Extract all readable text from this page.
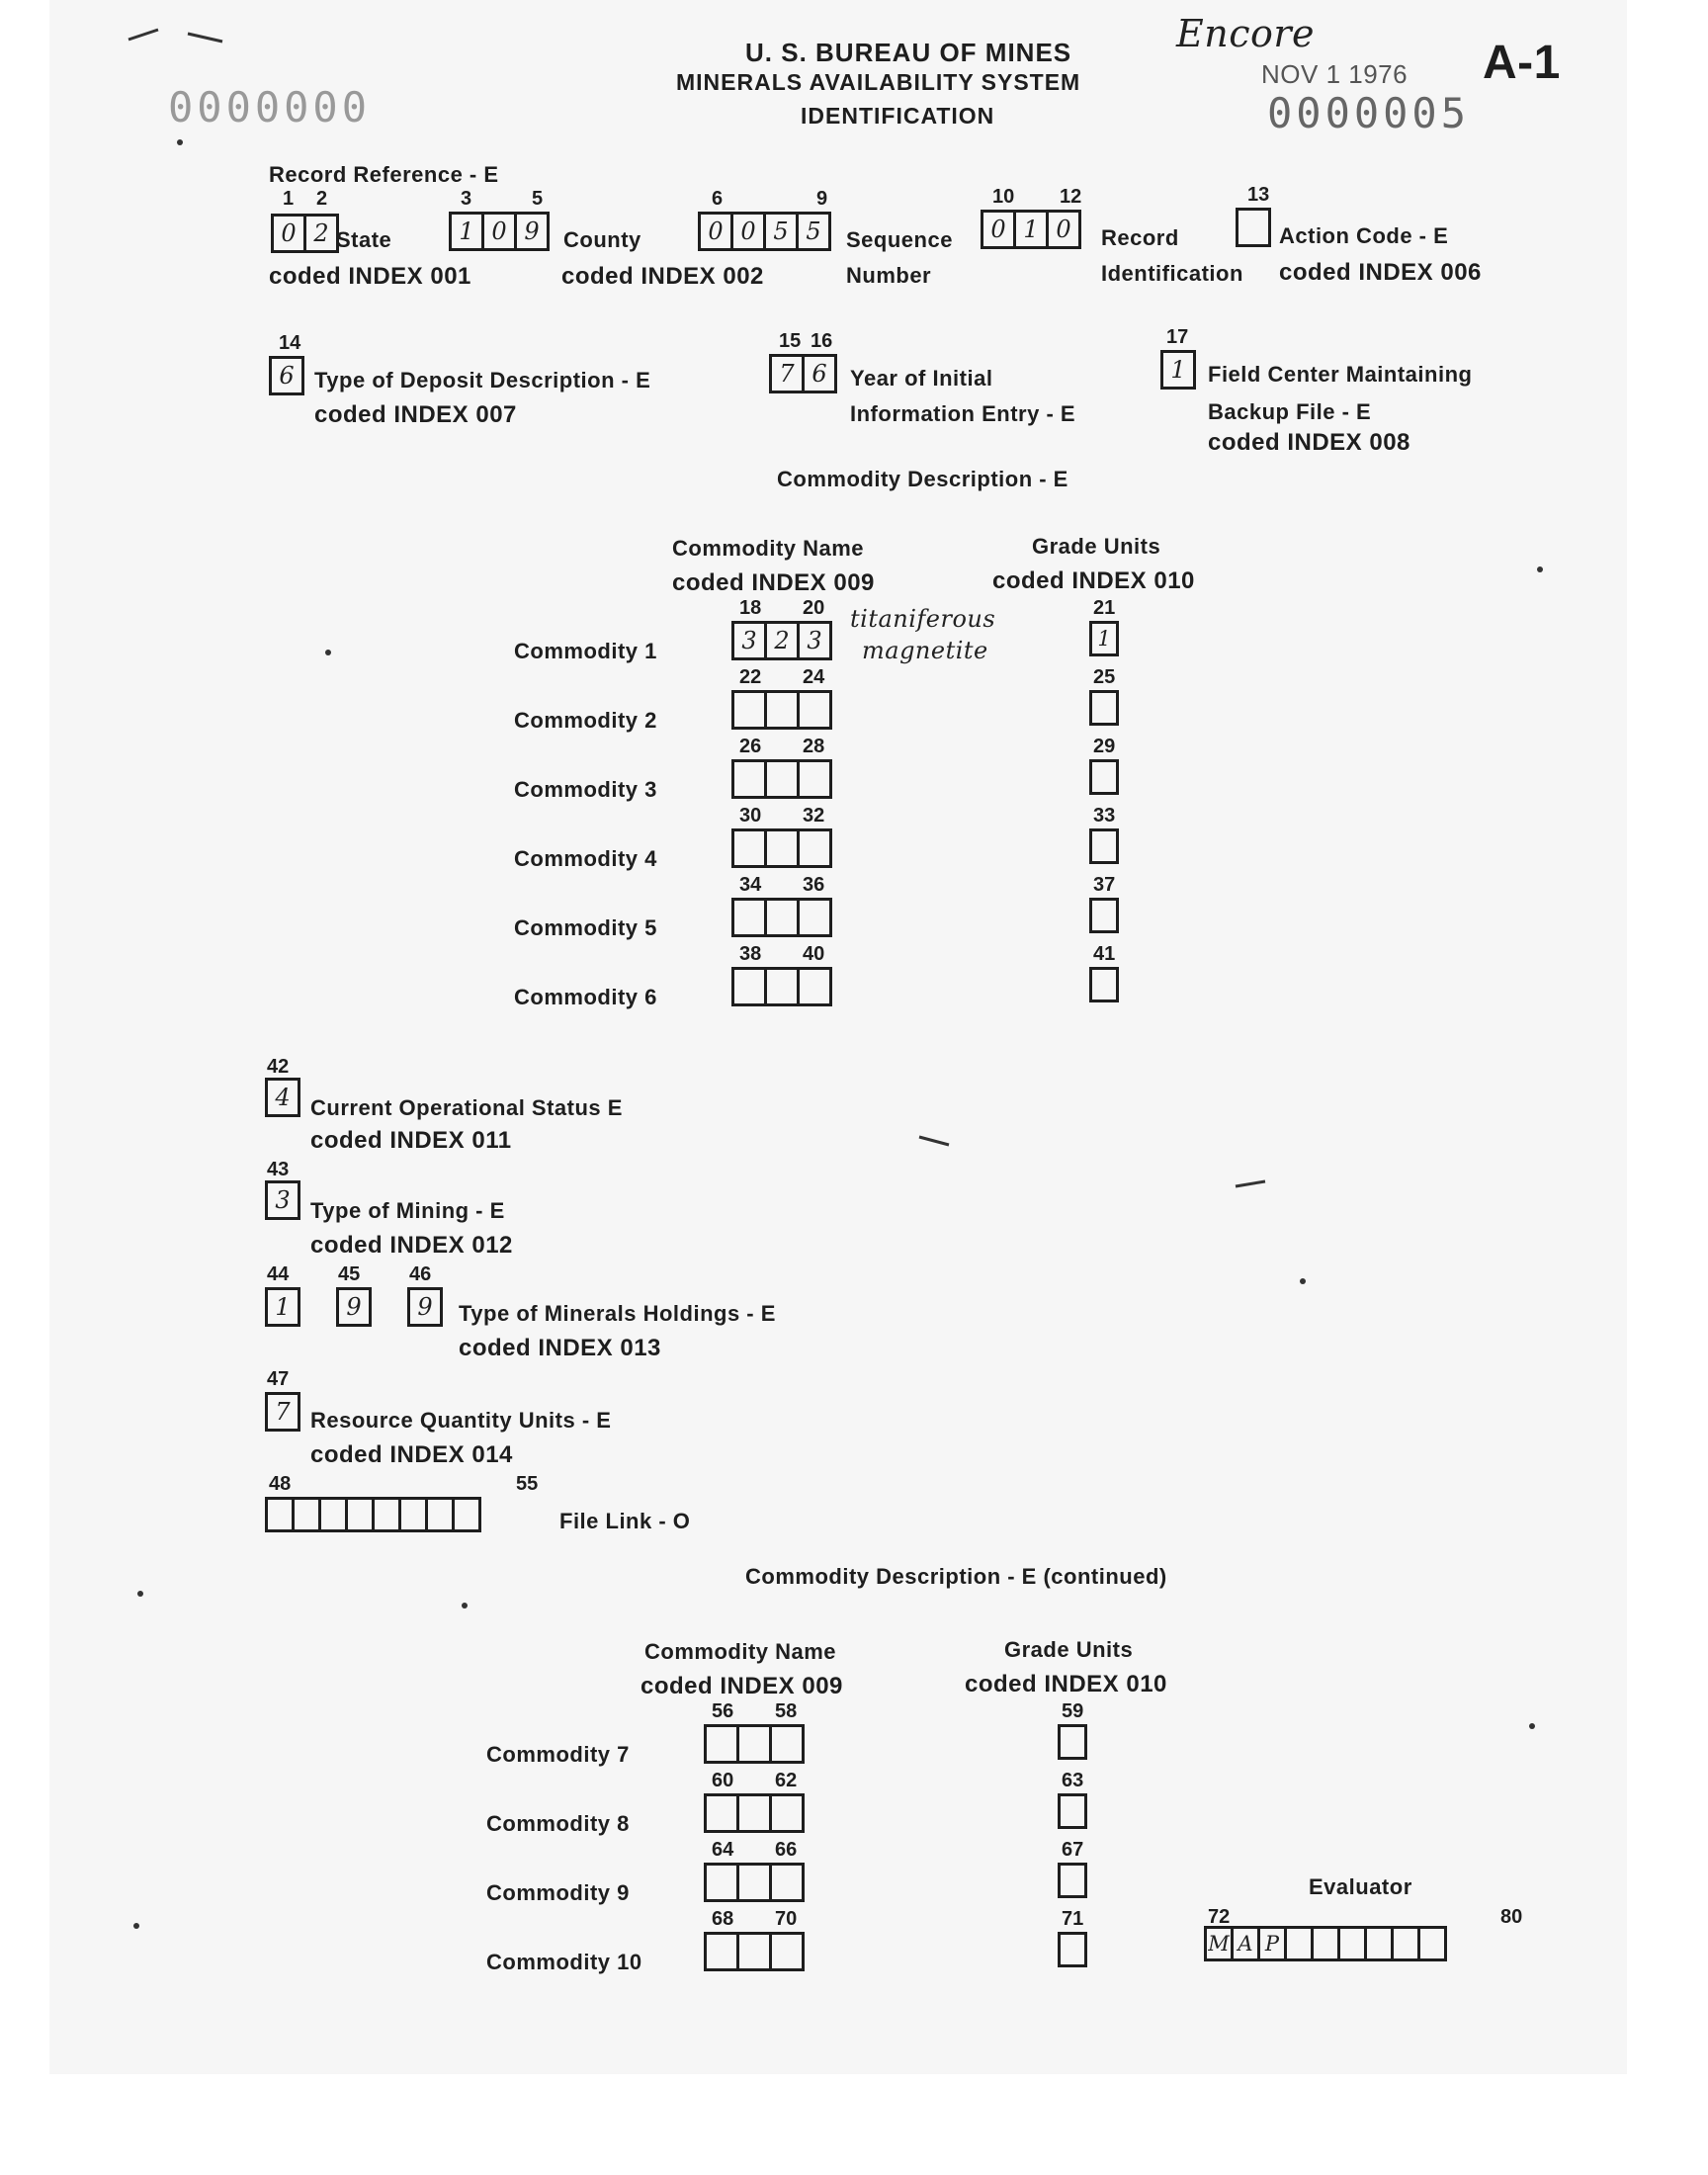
Encore
U. S. BUREAU OF MINES
MINERALS AVAILABILITY SYSTEM
IDENTIFICATION
NOV 1 1976 A-1
0000000	0000005
Record Reference - E
1 2
0 2 State
coded INDEX 001
3	5
1 0 9	County
coded INDEX 002
6	9
0 0 5 5	Sequence
Number
10 12
0 1 0	Record
Identification
13
Action Code - E
coded INDEX 006
14
6 Type of Deposit Description - E
coded INDEX 007
15 16
7 6	Year of Initial
Information Entry - E
17
1	Field Center Maintaining
Backup File - E
coded INDEX 008
Commodity Description - E
Commodity Name
coded INDEX 009
Grade Units
coded INDEX 010
titaniferous
magnetite
Commodity 1
18 20
3 2 3
21
1
Commodity 2
22 24	25
Commodity 3
26 28	29
Commodity 4
30 32	33
Commodity 5
34 36	37
Commodity 6
38 40	41
42
4 Current Operational Status E
coded INDEX 011
43
3 Type of Mining - E
coded INDEX 012
44 45 46
1	9	9	Type of Minerals Holdings - E
coded INDEX 013
47
7 Resource Quantity Units - E
coded INDEX 014
48	55
File Link - O
Commodity Description - E (continued)
Commodity Name
coded INDEX 009
Grade Units
coded INDEX 010
Commodity 7
56 58	59
Commodity 8
60 62	63
Commodity 9
64 66	67
Commodity 10
68 70	71
Evaluator
72	80
M A P
